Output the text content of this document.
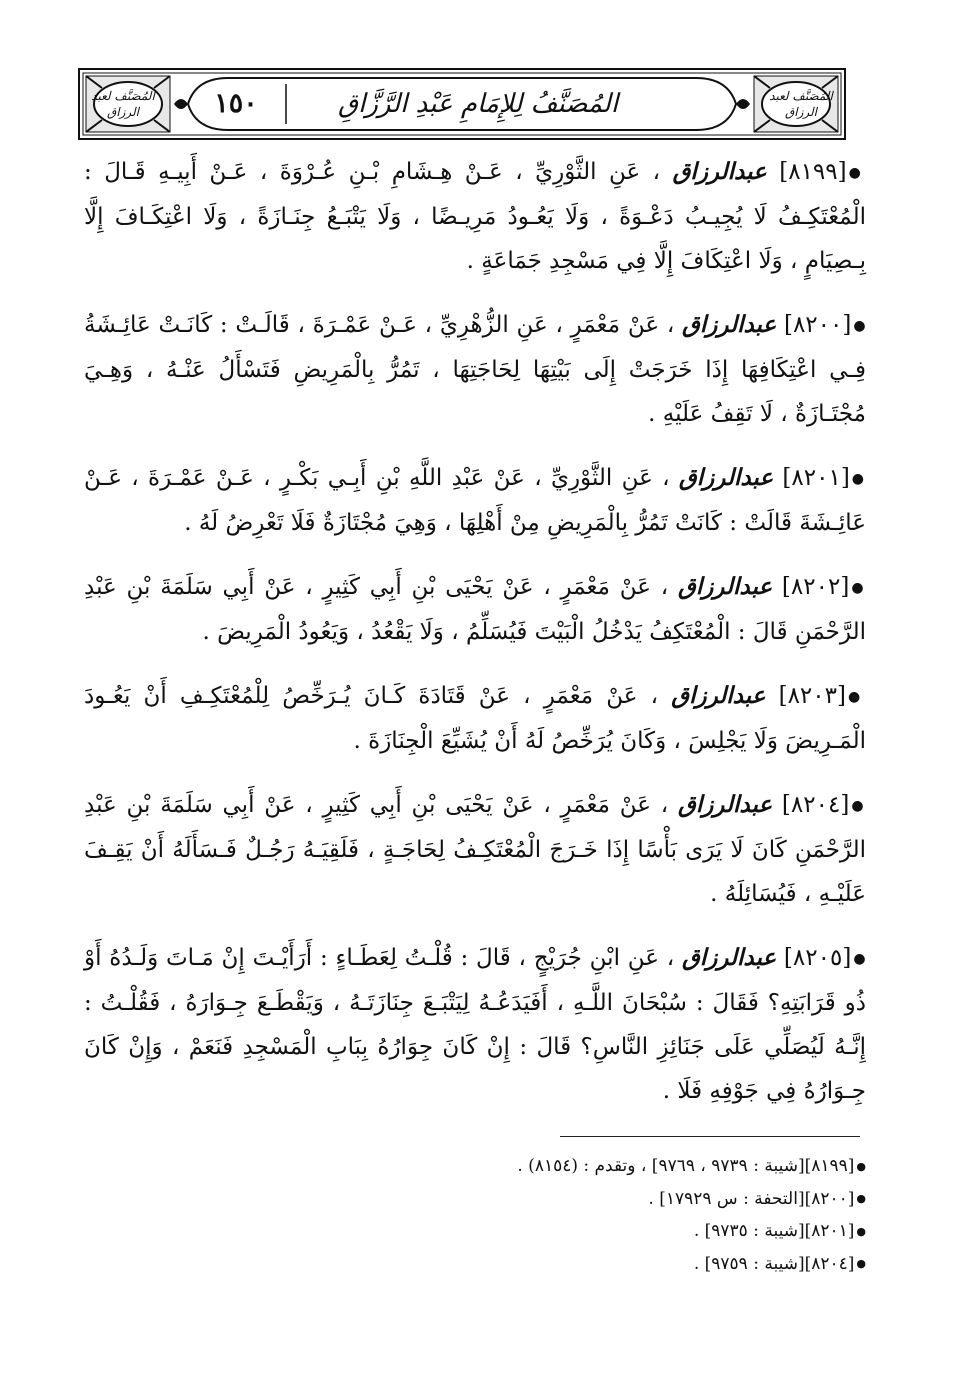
المُصَنَّف لعبد الرزاق
المُصَنَّف لعبد الرزاق
١٥٠	المُصَنَّفُ لِلإِمَامِ عَبْدِ الرَّزَّاقِ

●[٨١٩٩] عبدالرزاق ، عَنِ الثَّوْرِيِّ ، عَـنْ هِـشَامِ بْـنِ عُـرْوَةَ ، عَـنْ أَبِيـهِ قَـالَ : الْمُعْتَكِـفُ لَا يُجِيـبُ دَعْـوَةً ، وَلَا يَعُـودُ مَرِيـضًا ، وَلَا يَتْبَـعُ جِنَـازَةً ، وَلَا اعْتِكَـافَ إِلَّا بِـصِيَامٍ ، وَلَا اعْتِكَافَ إِلَّا فِي مَسْجِدِ جَمَاعَةٍ .

●[٨٢٠٠] عبدالرزاق ، عَنْ مَعْمَرٍ ، عَنِ الزُّهْرِيِّ ، عَـنْ عَمْـرَةَ ، قَالَـتْ : كَانَـتْ عَائِـشَةُ فِـي اعْتِكَافِهَا إِذَا خَرَجَتْ إِلَى بَيْتِهَا لِحَاجَتِهَا ، تَمُرُّ بِالْمَرِيضِ فَتَسْأَلُ عَنْـهُ ، وَهِـيَ مُجْتَـازَةٌ ، لَا تَقِفُ عَلَيْهِ .

●[٨٢٠١] عبدالرزاق ، عَنِ الثَّوْرِيِّ ، عَنْ عَبْدِ اللَّهِ بْنِ أَبِـي بَكْـرٍ ، عَـنْ عَمْـرَةَ ، عَـنْ عَائِـشَةَ قَالَتْ : كَانَتْ تَمُرُّ بِالْمَرِيضِ مِنْ أَهْلِهَا ، وَهِيَ مُجْتَازَةٌ فَلَا تَعْرِضُ لَهُ .

●[٨٢٠٢] عبدالرزاق ، عَنْ مَعْمَرٍ ، عَنْ يَحْيَى بْنِ أَبِي كَثِيرٍ ، عَنْ أَبِي سَلَمَةَ بْنِ عَبْدِ الرَّحْمَنِ قَالَ : الْمُعْتَكِفُ يَدْخُلُ الْبَيْتَ فَيُسَلِّمُ ، وَلَا يَقْعُدُ ، وَيَعُودُ الْمَرِيضَ .

●[٨٢٠٣] عبدالرزاق ، عَنْ مَعْمَرٍ ، عَنْ قَتَادَةَ كَـانَ يُـرَخِّصُ لِلْمُعْتَكِـفِ أَنْ يَعُـودَ الْمَـرِيضَ وَلَا يَجْلِسَ ، وَكَانَ يُرَخِّصُ لَهُ أَنْ يُشَيِّعَ الْجِنَازَةَ .

●[٨٢٠٤] عبدالرزاق ، عَنْ مَعْمَرٍ ، عَنْ يَحْيَى بْنِ أَبِي كَثِيرٍ ، عَنْ أَبِي سَلَمَةَ بْنِ عَبْدِ الرَّحْمَنِ كَانَ لَا يَرَى بَأْسًا إِذَا خَـرَجَ الْمُعْتَكِـفُ لِحَاجَـةٍ ، فَلَقِيَـهُ رَجُـلٌ فَـسَأَلَهُ أَنْ يَقِـفَ عَلَيْـهِ ، فَيُسَائِلَهُ .

●[٨٢٠٥] عبدالرزاق ، عَنِ ابْنِ جُرَيْجٍ ، قَالَ : قُلْـتُ لِعَطَـاءٍ : أَرَأَيْـتَ إِنْ مَـاتَ وَلَـدُهُ أَوْ ذُو قَرَابَتِهِ؟ فَقَالَ : سُبْحَانَ اللَّـهِ ، أَفَيَدَعُـهُ لِيَتْبَـعَ جِنَازَتَـهُ ، وَيَقْطَـعَ جِـوَارَهُ ، فَقُلْـتُ : إِنَّـهُ لَيُصَلِّي عَلَى جَنَائِزِ النَّاسِ؟ قَالَ : إِنْ كَانَ جِوَارُهُ بِبَابِ الْمَسْجِدِ فَنَعَمْ ، وَإِنْ كَانَ جِـوَارُهُ فِي جَوْفِهِ فَلَا .

●[٨١٩٩][شيبة : ٩٧٣٩ ، ٩٧٦٩] ، وتقدم : (٨١٥٤) .
●[٨٢٠٠][التحفة : س ١٧٩٢٩] .
●[٨٢٠١][شيبة : ٩٧٣٥] .
●[٨٢٠٤][شيبة : ٩٧٥٩] .
